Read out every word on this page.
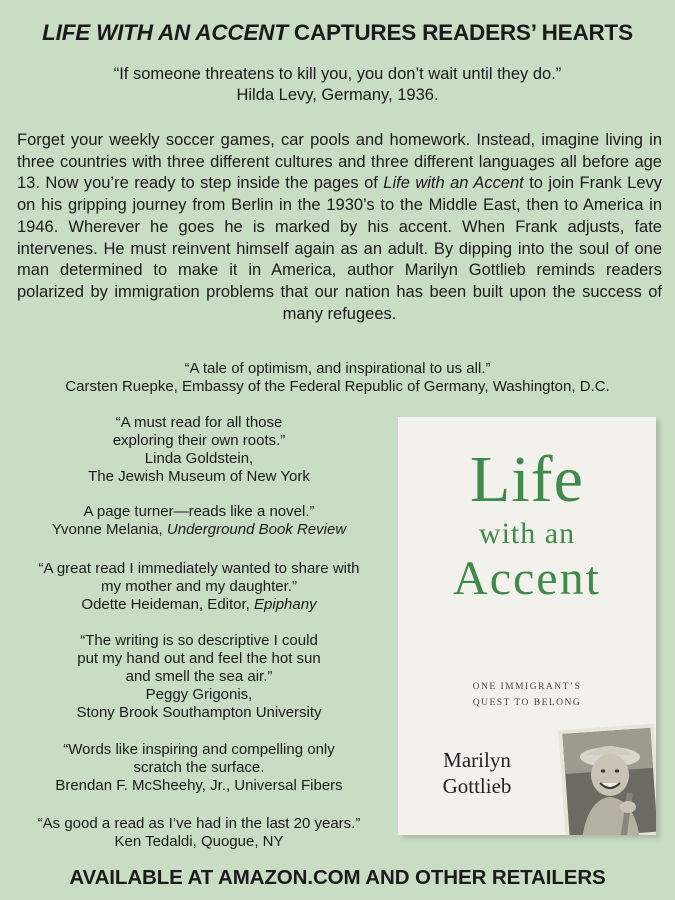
LIFE WITH AN ACCENT CAPTURES READERS’ HEARTS
“If someone threatens to kill you, you don’t wait until they do.”
Hilda Levy, Germany, 1936.

Forget your weekly soccer games, car pools and homework. Instead, imagine living in three countries with three different cultures and three different languages all before age 13. Now you’re ready to step inside the pages of Life with an Accent to join Frank Levy on his gripping journey from Berlin in the 1930’s to the Middle East, then to America in 1946. Wherever he goes he is marked by his accent. When Frank adjusts, fate intervenes. He must reinvent himself again as an adult. By dipping into the soul of one man determined to make it in America, author Marilyn Gottlieb reminds readers polarized by immigration problems that our nation has been built upon the success of many refugees.

“A tale of optimism, and inspirational to us all.”
Carsten Ruepke, Embassy of the Federal Republic of Germany, Washington, D.C.
“A must read for all those
exploring their own roots.”
Linda Goldstein,
The Jewish Museum of New York
A page turner—reads like a novel.”
Yvonne Melania, Underground Book Review
“A great read I immediately wanted to share with
my mother and my daughter.”
Odette Heideman, Editor, Epiphany
“The writing is so descriptive I could
put my hand out and feel the hot sun
and smell the sea air.”
Peggy Grigonis,
Stony Brook Southampton University
“Words like inspiring and compelling only
scratch the surface.
Brendan F. McSheehy, Jr., Universal Fibers
“As good a read as I’ve had in the last 20 years.”
Ken Tedaldi, Quogue, NY
Life
with an
Accent
ONE IMMIGRANT’S
QUEST TO BELONG
Marilyn
Gottlieb
AVAILABLE AT AMAZON.COM AND OTHER RETAILERS
